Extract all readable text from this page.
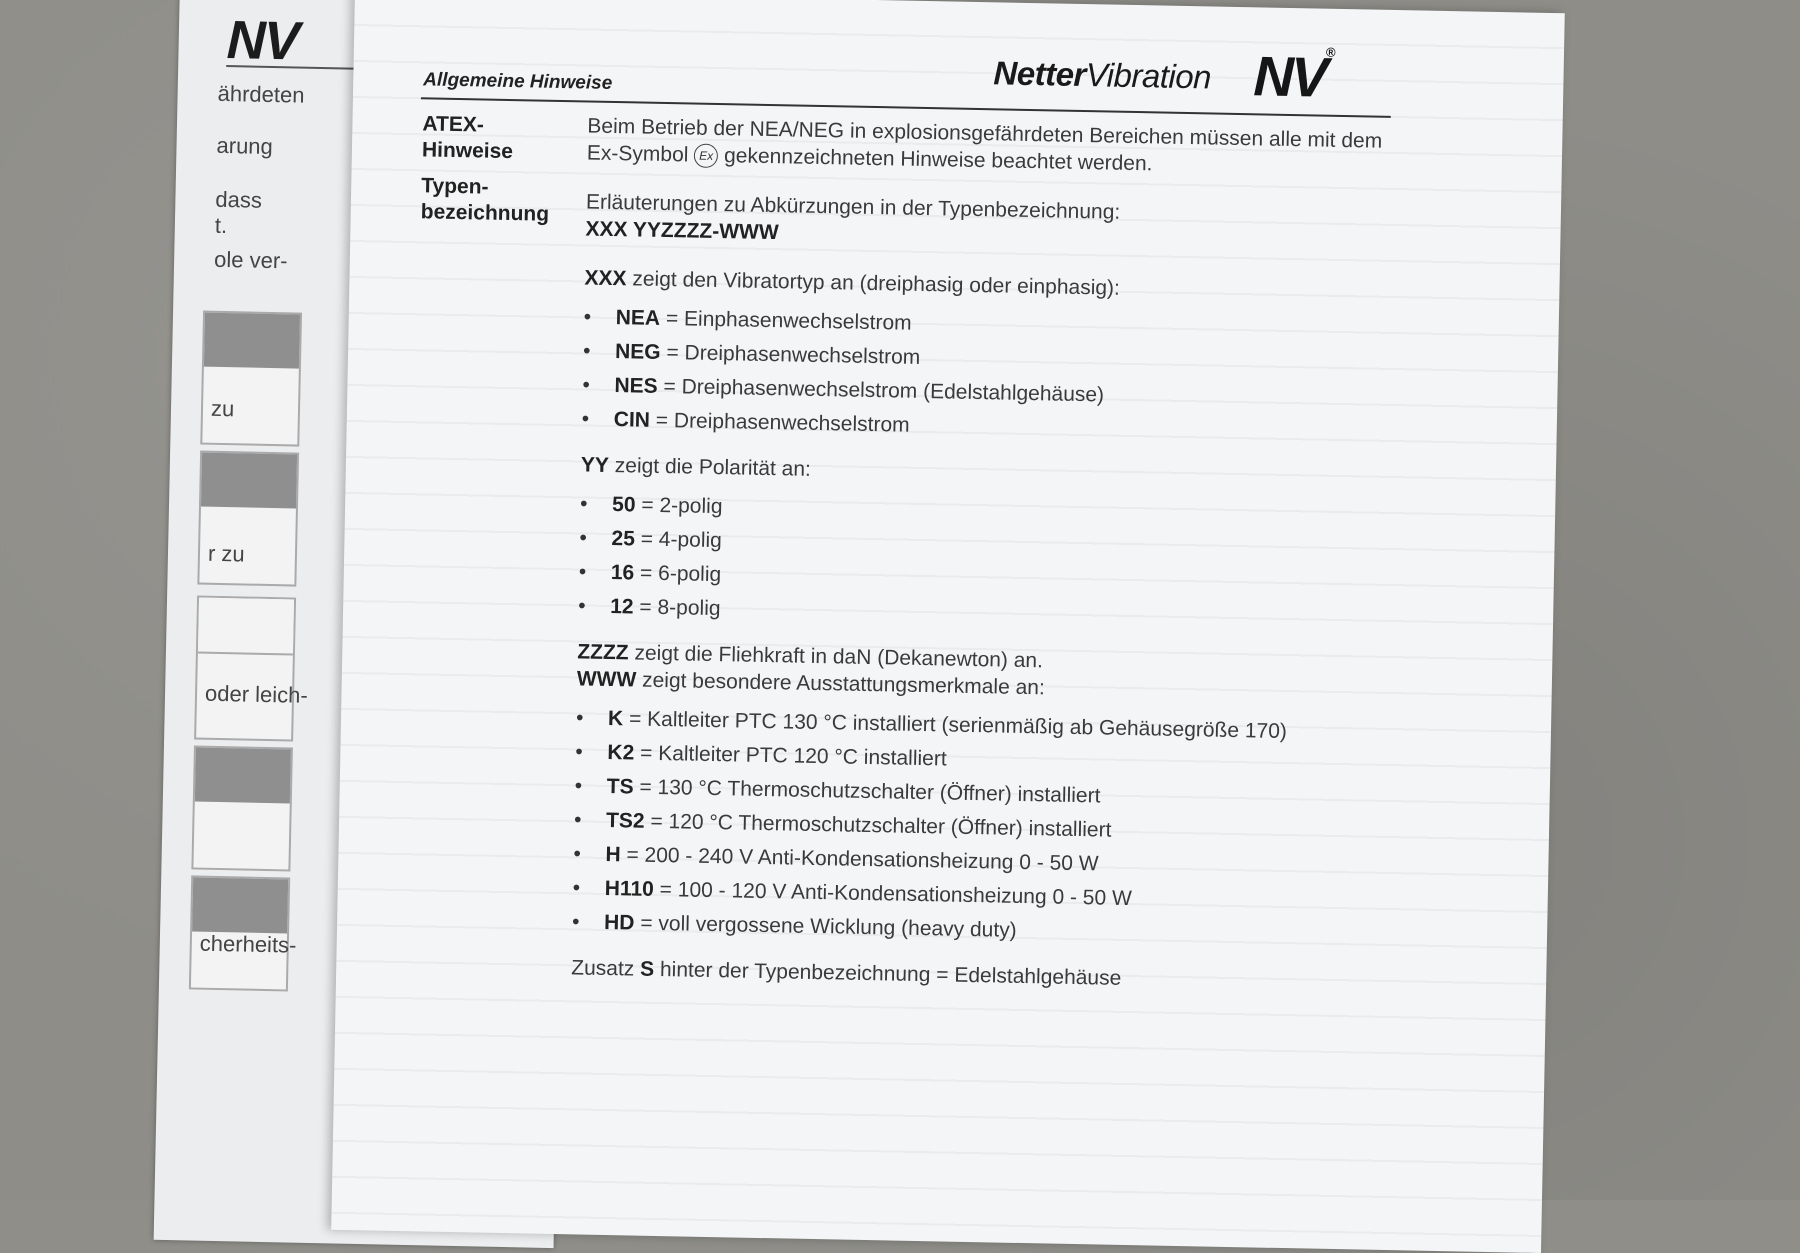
NV
ährdeten
arung
dass
t.
ole ver-
zu
r zu
oder leich-
cherheits-
Allgemeine Hinweise	NetterVibration NV®
ATEX-
Hinweise
Typen-
bezeichnung

Beim Betrieb der NEA/NEG in explosionsgefährdeten Bereichen müssen alle mit dem Ex-Symbol Ex gekennzeichneten Hinweise beachtet werden.

Erläuterungen zu Abkürzungen in der Typenbezeichnung:

XXX YYZZZZ-WWW

XXX zeigt den Vibratortyp an (dreiphasig oder einphasig):

• NEA = Einphasenwechselstrom
• NEG = Dreiphasenwechselstrom
• NES = Dreiphasenwechselstrom (Edelstahlgehäuse)
• CIN = Dreiphasenwechselstrom

YY zeigt die Polarität an:

• 50 = 2-polig
• 25 = 4-polig
• 16 = 6-polig
• 12 = 8-polig

ZZZZ zeigt die Fliehkraft in daN (Dekanewton) an.

WWW zeigt besondere Ausstattungsmerkmale an:

• K = Kaltleiter PTC 130 °C installiert (serienmäßig ab Gehäusegröße 170)
• K2 = Kaltleiter PTC 120 °C installiert
• TS = 130 °C Thermoschutzschalter (Öffner) installiert
• TS2 = 120 °C Thermoschutzschalter (Öffner) installiert
• H = 200 - 240 V Anti-Kondensationsheizung 0 - 50 W
• H110 = 100 - 120 V Anti-Kondensationsheizung 0 - 50 W
• HD = voll vergossene Wicklung (heavy duty)

Zusatz S hinter der Typenbezeichnung = Edelstahlgehäuse
